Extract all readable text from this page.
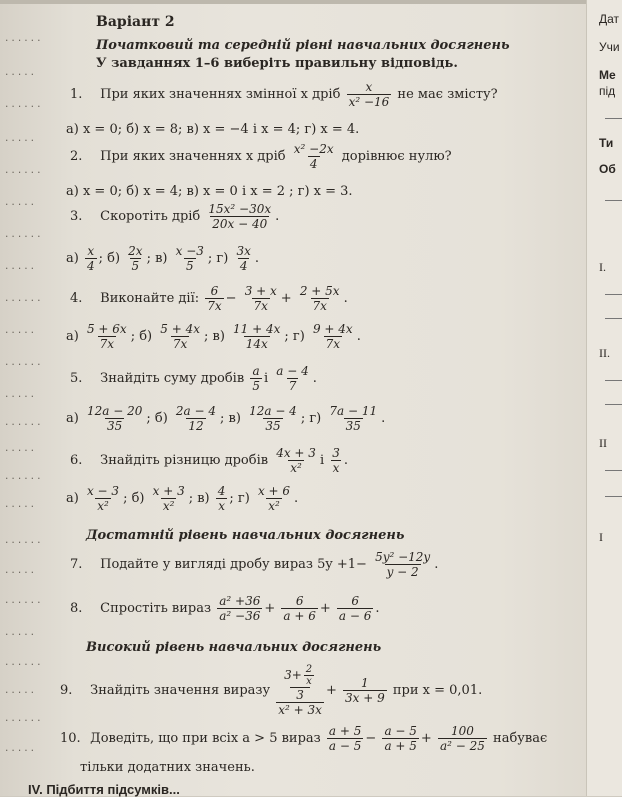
......
.....
......
.....
......
.....
......
.....
......
.....
......
.....
......
.....
......
.....
......
.....
......
.....
......
.....
......
.....
Варіант 2
Початковий та середній рівні навчальних досягнень
У завданнях 1–6 виберіть правильну відповідь.
1. При яких значеннях змінної x дріб $\frac{x}{\text{x² −16}}$ не має змісту?
а) x = 0; б) x = 8; в) x = −4 і x = 4; г) x = 4.
2. При яких значеннях x дріб $\frac{\text{x² −2x}}{4}$ дорівнює нулю?
а) x = 0; б) x = 4; в) x = 0 і x = 2 ; г) x = 3.
3. Скоротіть дріб $\frac{\text{15x² −30x}}{20x - 40}$ .
$а) \frac{x}{4}$ ; $б) \frac{2x}{5}$ ; $в) \frac{x -3}{5}$ ; $г) \frac{3x}{4}$ .
4. Виконайте дії: $\frac{6}{7x} - \frac{3 + x}{7x} + \frac{2 + 5x}{7x}$ .
$а) \frac{5 + 6x}{7x}$ ; $б) \frac{5 + 4x}{7x}$ ; $в) \frac{11 + 4x}{14x}$ ; $г) \frac{9 + 4x}{7x}$ .
5. Знайдіть суму дробів $\frac{a}{5}$ і $\frac{a - 4}{7}$ .
$а) \frac{12a - 20}{35}$ ; $б) \frac{2a - 4}{12}$ ; $в) \frac{12a - 4}{35}$ ; $г) \frac{7a - 11}{35}$ .
6. Знайдіть різницю дробів $\frac{4x + 3}{\text{x²}}$ і $\frac{3}{x}$ .
$а) \frac{x - 3}{\text{x²}}$ ; $б) \frac{x + 3}{\text{x²}}$ ; $в) \frac{4}{x}$ ; $г) \frac{x + 6}{\text{x²}}$ .
Достатній рівень навчальних досягнень
7. Подайте у вигляді дробу вираз $5y +1- \frac{\text{5y² −12y}}{y - 2}$ .
8. Спростіть вираз $\frac{\text{a² +36}}{\text{a² −36}} + \frac{6}{a + 6} + \frac{6}{a - 6}$ .
Високий рівень навчальних досягнень
9. Знайдіть значення виразу $3+ \frac{2}{x}$
3
$x^2 + 3x + \frac{1}{3x + 9}$ при x = 0,01.
10. Доведіть, що при всіх a > 5 вираз $\frac{a + 5}{a - 5} - \frac{a - 5}{a + 5} + \frac{100}{\text{a² − 25}}$ набуває
тільки додатних значень.
IV. Підбиття підсумків...
Дат
Учи
Ме
під
Ти
Об
І.
ІІ.
ІІ
І
